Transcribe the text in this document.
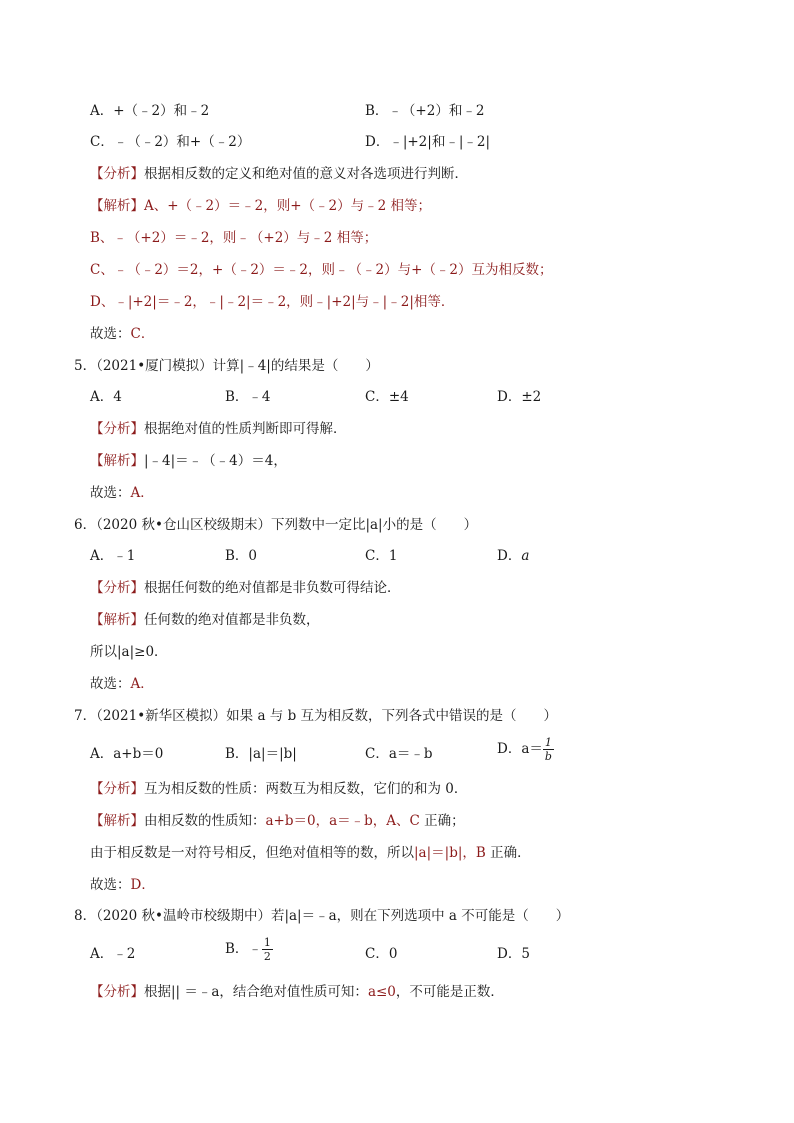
A．+（﹣2）和﹣2	B．﹣（+2）和﹣2
C．﹣（﹣2）和+（﹣2）	D．﹣|+2|和﹣|﹣2|
【分析】根据相反数的定义和绝对值的意义对各选项进行判断．
【解析】A、+（﹣2）＝﹣2，则+（﹣2）与﹣2 相等；
B、﹣（+2）＝﹣2，则﹣（+2）与﹣2 相等；
C、﹣（﹣2）＝2，+（﹣2）＝﹣2，则﹣（﹣2）与+（﹣2）互为相反数；
D、﹣|+2|＝﹣2，﹣|﹣2|＝﹣2，则﹣|+2|与﹣|﹣2|相等．
故选：C．
5．（2021•厦门模拟）计算|﹣4|的结果是（　　）
A．4	B．﹣4	C．±4	D．±2
【分析】根据绝对值的性质判断即可得解．
【解析】|﹣4|＝﹣（﹣4）＝4，
故选：A．
6．（2020 秋•仓山区校级期末）下列数中一定比|a|小的是（　　）
A．﹣1	B．0	C．1	D．a
【分析】根据任何数的绝对值都是非负数可得结论．
【解析】任何数的绝对值都是非负数，
所以|a|≥0．
故选：A．
7．（2021•新华区模拟）如果 a 与 b 互为相反数，下列各式中错误的是（　　）
A．a+b＝0	B．|a|＝|b|	C．a＝﹣b	D．$a= \frac{1}{b}$
【分析】互为相反数的性质：两数互为相反数，它们的和为 0．
【解析】由相反数的性质知：a+b＝0，a＝﹣b，A、C 正确；
由于相反数是一对符号相反，但绝对值相等的数，所以|a|＝|b|，B 正确．
故选：D．
8．（2020 秋•温岭市校级期中）若|a|＝﹣a，则在下列选项中 a 不可能是（　　）
A．﹣2	B．﹣ $\frac{1}{2}$	C．0	D．5
【分析】根据|| ＝﹣a，结合绝对值性质可知：a≤0，不可能是正数．
